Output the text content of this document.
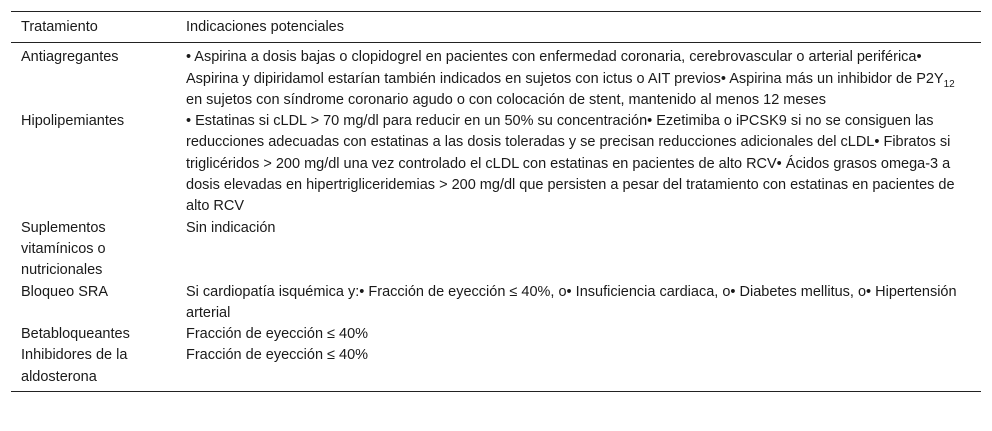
Tratamiento	Indicaciones potenciales
Antiagregantes	• Aspirina a dosis bajas o clopidogrel en pacientes con enfermedad coronaria, cerebrovascular o arterial periférica• Aspirina y dipiridamol estarían también indicados en sujetos con ictus o AIT previos• Aspirina más un inhibidor de $P2Y_{12}$ en sujetos con síndrome coronario agudo o con colocación de stent, mantenido al menos 12 meses
Hipolipemiantes	• Estatinas si cLDL > 70 mg/dl para reducir en un 50% su concentración• Ezetimiba o iPCSK9 si no se consiguen las reducciones adecuadas con estatinas a las dosis toleradas y se precisan reducciones adicionales del cLDL• Fibratos si triglicéridos > 200 mg/dl una vez controlado el cLDL con estatinas en pacientes de alto RCV• Ácidos grasos omega-3 a dosis elevadas en hipertrigliceridemias > 200 mg/dl que persisten a pesar del tratamiento con estatinas en pacientes de alto RCV
Suplementos vitamínicos o nutricionales	Sin indicación
Bloqueo SRA	Si cardiopatía isquémica y:• Fracción de eyección ≤ 40%, o• Insuficiencia cardiaca, o• Diabetes mellitus, o• Hipertensión arterial
Betabloqueantes	Fracción de eyección ≤ 40%
Inhibidores de la aldosterona	Fracción de eyección ≤ 40%
